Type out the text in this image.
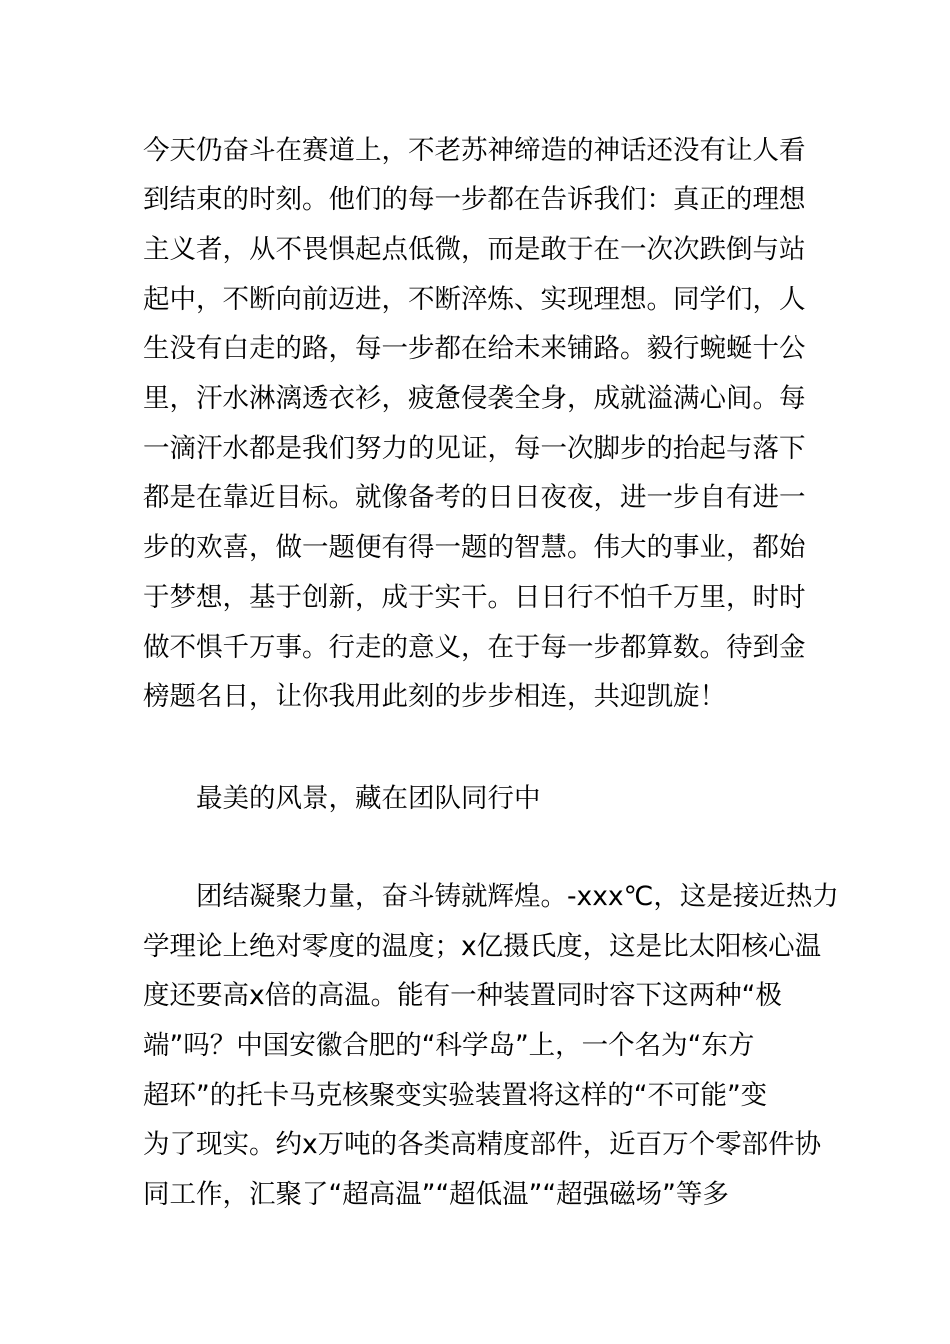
今天仍奋斗在赛道上，不老苏神缔造的神话还没有让人看
到结束的时刻。他们的每一步都在告诉我们：真正的理想
主义者，从不畏惧起点低微，而是敢于在一次次跌倒与站
起中，不断向前迈进，不断淬炼、实现理想。同学们，人
生没有白走的路，每一步都在给未来铺路。毅行蜿蜒十公
里，汗水淋漓透衣衫，疲惫侵袭全身，成就溢满心间。每
一滴汗水都是我们努力的见证，每一次脚步的抬起与落下
都是在靠近目标。就像备考的日日夜夜，进一步自有进一
步的欢喜，做一题便有得一题的智慧。伟大的事业，都始
于梦想，基于创新，成于实干。日日行不怕千万里，时时
做不惧千万事。行走的意义，在于每一步都算数。待到金
榜题名日，让你我用此刻的步步相连，共迎凯旋！
最美的风景，藏在团队同行中
团结凝聚力量，奋斗铸就辉煌。-xxx℃，这是接近热力
学理论上绝对零度的温度；x亿摄氏度，这是比太阳核心温
度还要高x倍的高温。能有一种装置同时容下这两种“极
端”吗？中国安徽合肥的“科学岛”上，一个名为“东方
超环”的托卡马克核聚变实验装置将这样的“不可能”变
为了现实。约x万吨的各类高精度部件，近百万个零部件协
同工作，汇聚了“超高温”“超低温”“超强磁场”等多
